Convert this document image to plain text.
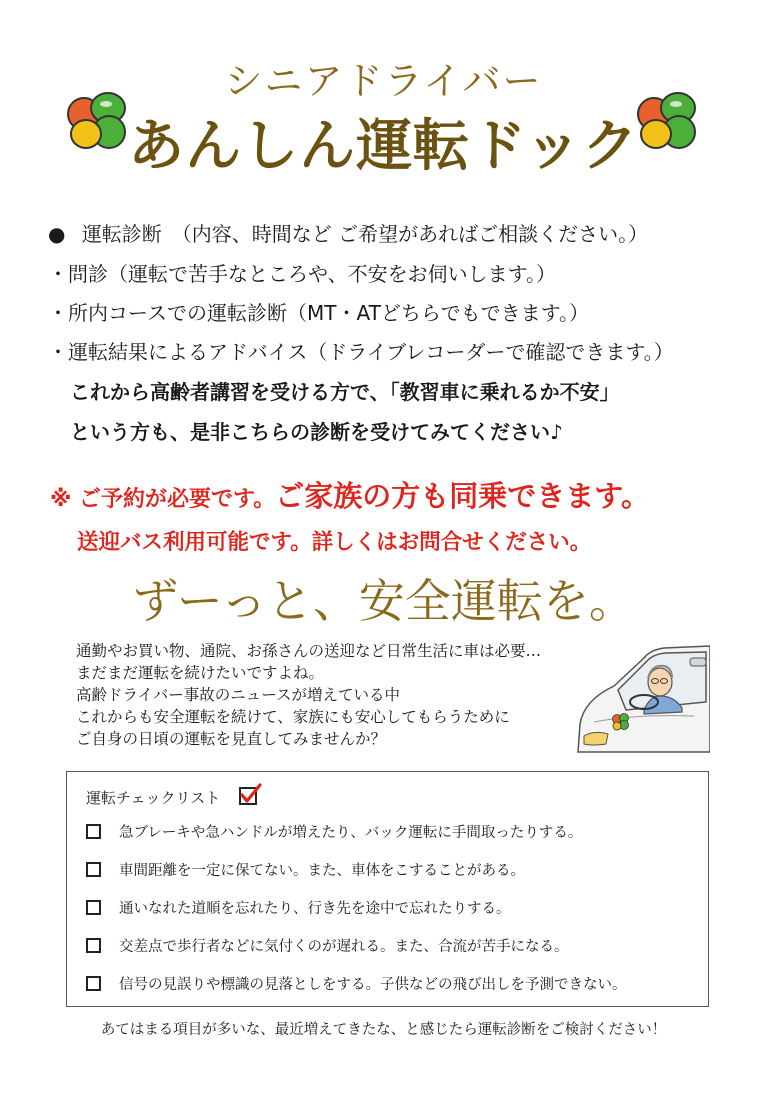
シニアドライバー
あんしん運転ドック
● 運転診断　（内容、時間など ご希望があればご相談ください。）
・問診（運転で苦手なところや、不安をお伺いします。）
・所内コースでの運転診断（MT・ATどちらでもできます。）
・運転結果によるアドバイス（ドライブレコーダーで確認できます。）
これから高齢者講習を受ける方で、「教習車に乗れるか不安」
という方も、是非こちらの診断を受けてみてください♪
※ ご予約が必要です。ご家族の方も同乗できます。
送迎バス利用可能です。詳しくはお問合せください。
ずーっと、安全運転を。
通勤やお買い物、通院、お孫さんの送迎など日常生活に車は必要…
まだまだ運転を続けたいですよね。
高齢ドライバー事故のニュースが増えている中
これからも安全運転を続けて、家族にも安心してもらうために
ご自身の日頃の運転を見直してみませんか？
運転チェックリスト
急ブレーキや急ハンドルが増えたり、バック運転に手間取ったりする。
車間距離を一定に保てない。また、車体をこすることがある。
通いなれた道順を忘れたり、行き先を途中で忘れたりする。
交差点で歩行者などに気付くのが遅れる。また、合流が苦手になる。
信号の見誤りや標識の見落としをする。子供などの飛び出しを予測できない。
あてはまる項目が多いな、最近増えてきたな、と感じたら運転診断をご検討ください！
